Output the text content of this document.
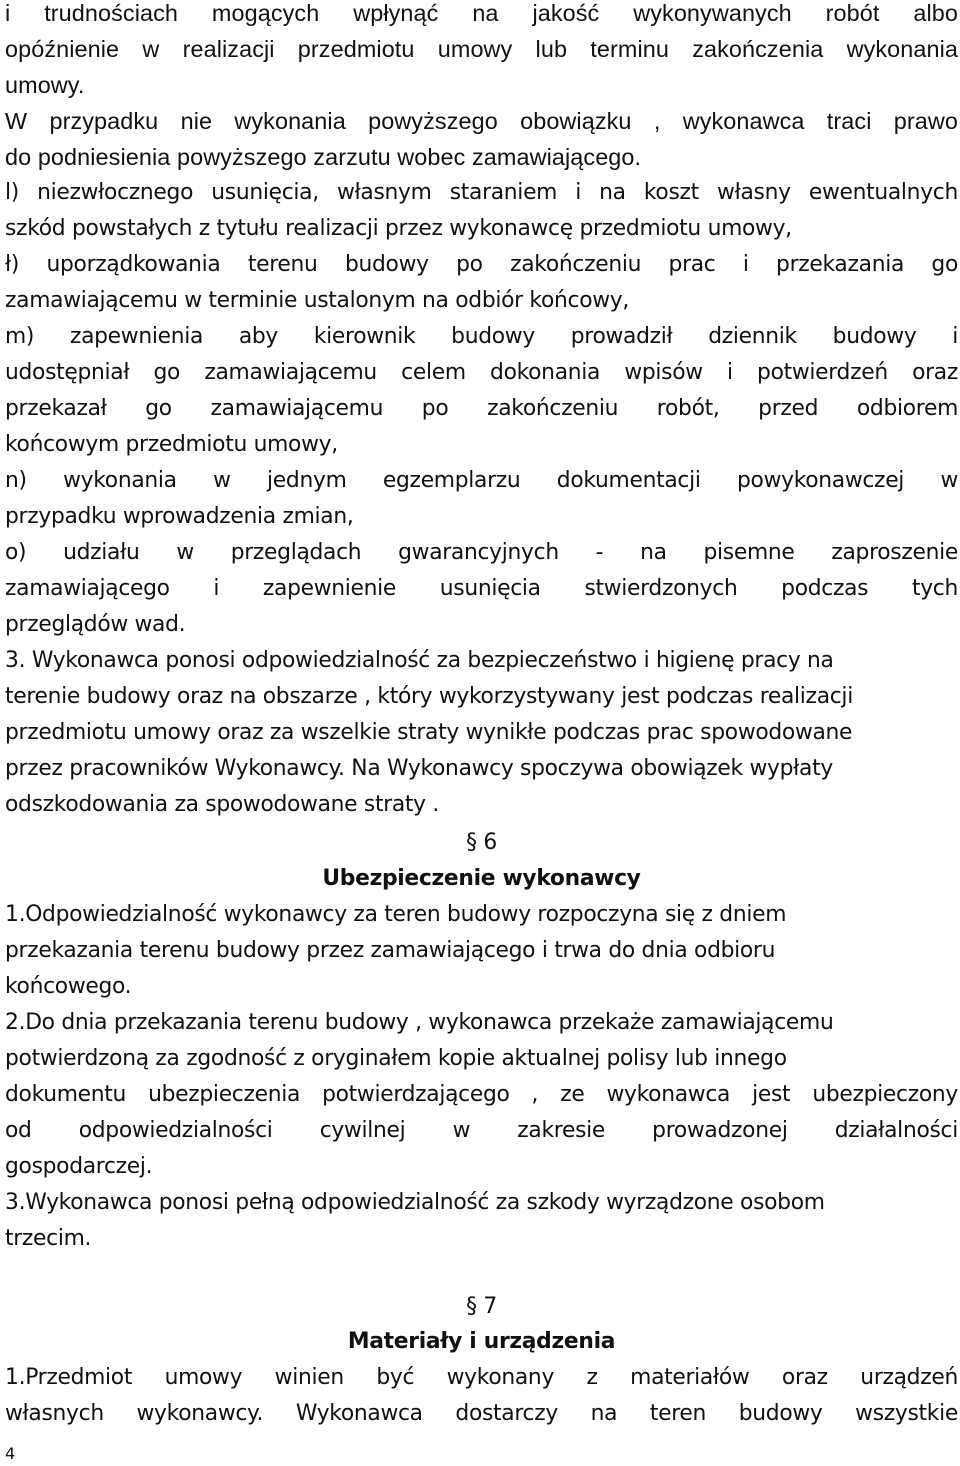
i trudnościach mogących wpłynąć na jakość wykonywanych robót albo
opóźnienie w realizacji przedmiotu umowy lub terminu zakończenia wykonania
umowy.
W przypadku nie wykonania powyższego obowiązku , wykonawca traci prawo
do podniesienia powyższego zarzutu wobec zamawiającego.
l) niezwłocznego usunięcia, własnym staraniem i na koszt własny ewentualnych
szkód powstałych z tytułu realizacji przez wykonawcę przedmiotu umowy,
ł) uporządkowania terenu budowy po zakończeniu prac i przekazania go
zamawiającemu w terminie ustalonym na odbiór końcowy,
m) zapewnienia aby kierownik budowy prowadził dziennik budowy i
udostępniał go zamawiającemu celem dokonania wpisów i potwierdzeń oraz
przekazał go zamawiającemu po zakończeniu robót, przed odbiorem
końcowym przedmiotu umowy,
n) wykonania w jednym egzemplarzu dokumentacji powykonawczej w
przypadku wprowadzenia zmian,
o) udziału w przeglądach gwarancyjnych - na pisemne zaproszenie
zamawiającego i zapewnienie usunięcia stwierdzonych podczas tych
przeglądów wad.
3. Wykonawca ponosi odpowiedzialność za bezpieczeństwo i higienę pracy na
terenie budowy oraz na obszarze , który wykorzystywany jest podczas realizacji
przedmiotu umowy oraz za wszelkie straty wynikłe podczas prac spowodowane
przez pracowników Wykonawcy. Na Wykonawcy spoczywa obowiązek wypłaty
odszkodowania za spowodowane straty .
§ 6
Ubezpieczenie wykonawcy
1.Odpowiedzialność wykonawcy za teren budowy rozpoczyna się z dniem
przekazania terenu budowy przez zamawiającego i trwa do dnia odbioru
końcowego.
2.Do dnia przekazania terenu budowy , wykonawca przekaże zamawiającemu
potwierdzoną za zgodność z oryginałem kopie aktualnej polisy lub innego
dokumentu ubezpieczenia potwierdzającego , ze wykonawca jest ubezpieczony
od odpowiedzialności cywilnej w zakresie prowadzonej działalności
gospodarczej.
3.Wykonawca ponosi pełną odpowiedzialność za szkody wyrządzone osobom
trzecim.
§ 7
Materiały i urządzenia
1.Przedmiot umowy winien być wykonany z materiałów oraz urządzeń
własnych wykonawcy. Wykonawca dostarczy na teren budowy wszystkie
4
